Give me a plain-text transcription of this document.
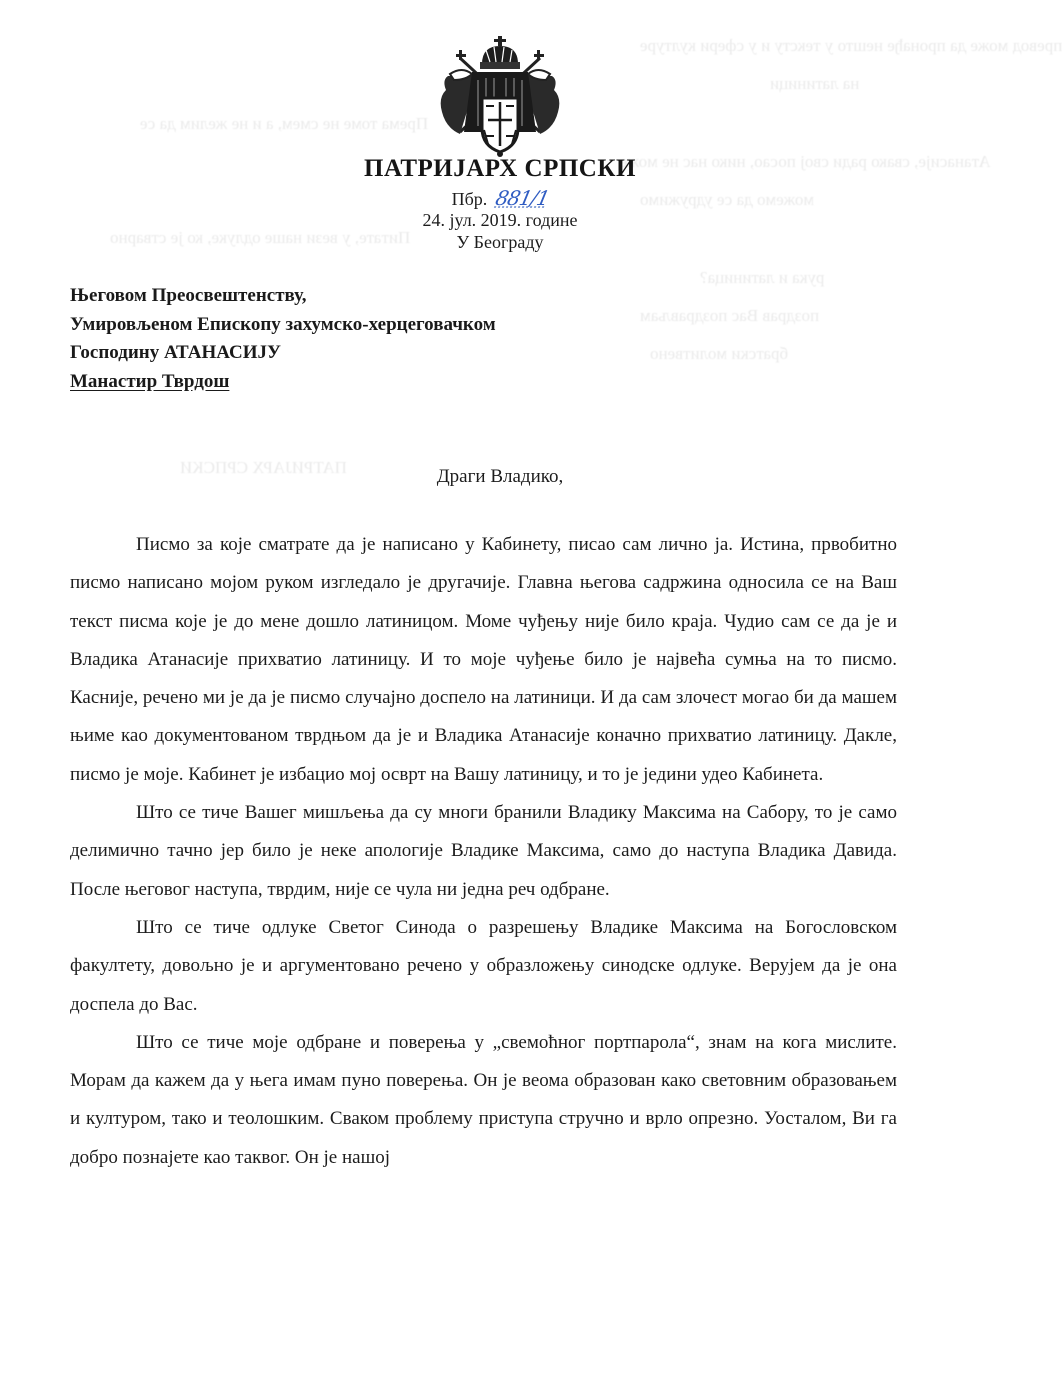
превод може да пронађе нешто у тексту и у сфери културе
на латиници
Према томе не смем, а и не желим да се
Атанасије, свако ради свој посао, нико нас не може
можемо да се удружимо
Питате, у вези наше одлуке, ко је стварно
рука и латиница?
поздрав Вас поздрављам
братски молитвено
ПАТРИЈАРХ СРПСКИ
ПАТРИЈАРХ СРПСКИ
Пбр. 881/1
24. јул. 2019. године
У Београду
Његовом Преосвештенству,
Умировљеном Епископу захумско-херцеговачком
Господину АТАНАСИЈУ
Манастир Тврдош
Драги Владико,

Писмо за које сматрате да је написано у Кабинету, писао сам лично ја. Истина, првобитно писмо написано мојом руком изгледало је другачије. Главна његова садржина односила се на Ваш текст писма које је до мене дошло латиницом. Моме чуђењу није било краја. Чудио сам се да је и Владика Атанасије прихватио латиницу. И то моје чуђење било је највећа сумња на то писмо. Касније, речено ми је да је писмо случајно доспело на латиници. И да сам злочест могао би да машем њиме као документованом тврдњом да је и Владика Атанасије коначно прихватио латиницу. Дакле, писмо је моје. Кабинет је избацио мој осврт на Вашу латиницу, и то је једини удео Кабинета.

Што се тиче Вашег мишљења да су многи бранили Владику Максима на Сабору, то је само делимично тачно јер било је неке апологије Владике Максима, само до наступа Владика Давида. После његовог наступа, тврдим, није се чула ни једна реч одбране.

Што се тиче одлуке Светог Синода о разрешењу Владике Максима на Богословском факултету, довољно је и аргументовано речено у образложењу синодске одлуке. Верујем да је она доспела до Вас.

Што се тиче моје одбране и поверења у „свемоћног портпарола“, знам на кога мислите. Морам да кажем да у њега имам пуно поверења. Он је веома образован како световним образовањем и културом, тако и теолошким. Сваком проблему приступа стручно и врло опрезно. Уосталом, Ви га добро познајете као таквог. Он је нашој
